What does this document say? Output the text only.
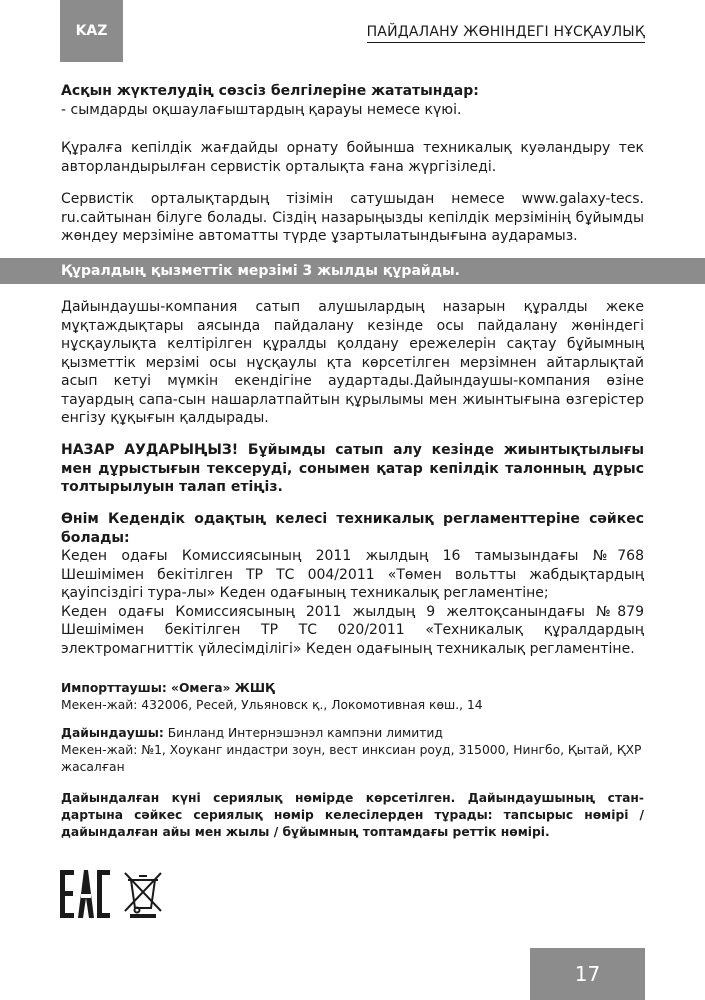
KAZ	ПАЙДАЛАНУ ЖӨНІНДЕГІ НҰСҚАУЛЫҚ

Асқын жүктелудің сөзсіз белгілеріне жататындар:

- сымдарды оқшаулағыштардың қарауы немесе күюі.

Құралға кепілдік жағдайды орнату бойынша техникалық куәландыру тек авторландырылған сервистік орталықта ғана жүргізіледі.

Сервистік орталықтардың тізімін сатушыдан немесе www.galaxy-tecs. ru.сайтынан білуге болады. Сіздің назарыңызды кепілдік мерзімінің бұйымды жөндеу мерзіміне автоматты түрде ұзартылатындығына аударамыз.

Құралдың қызметтік мерзімі 3 жылды құрайды.

Дайындаушы-компания сатып алушылардың назарын құралды жеке мұқтаждықтары аясында пайдалану кезінде осы пайдалану жөніндегі нұсқаулықта келтірілген құралды қолдану ережелерін сақтау бұйымның қызметтік мерзімі осы нұсқаулы қта көрсетілген мерзімнен айтарлықтай асып кетуі мүмкін екендігіне аудартады.Дайындаушы-компания өзіне тауардың сапа-сын нашарлатпайтын құрылымы мен жиынтығына өзгерістер енгізу құқығын қалдырады.

НАЗАР АУДАРЫҢЫЗ! Бұйымды сатып алу кезінде жиынтықтылығы мен дұрыстығын тексеруді, сонымен қатар кепілдік талонның дұрыс толтырылуын талап етіңіз.

Өнім Кедендік одақтың келесі техникалық регламенттеріне сәйкес болады:

Кеден одағы Комиссиясының 2011 жылдың 16 тамызындағы №768 Шешімімен бекітілген ТР ТС 004/2011 «Төмен вольтты жабдықтардың қауіпсіздігі тура-лы» Кеден одағының техникалық регламентіне;

Кеден одағы Комиссиясының 2011 жылдың 9 желтоқсанындағы №879 Шешімімен бекітілген ТР ТС 020/2011 «Техникалық құралдардың электромагниттік үйлесімділігі» Кеден одағының техникалық регламентіне.

Импорттаушы: «Омега» ЖШҚ

Мекен-жай: 432006, Ресей, Ульяновск қ., Локомотивная көш., 14

Дайындаушы: Бинланд Интернэшэнэл кампэни лимитид

Мекен-жай: №1, Хоуканг индастри зоун, вест инксиан роуд, 315000, Нингбо, Қытай, ҚХР жасалған

Дайындалған күні сериялық нөмірде көрсетілген. Дайындаушының стан-дартына сәйкес сериялық нөмір келесілерден тұрады: тапсырыс нөмірі / дайындалған айы мен жылы / бұйымның топтамдағы реттік нөмірі.

17
